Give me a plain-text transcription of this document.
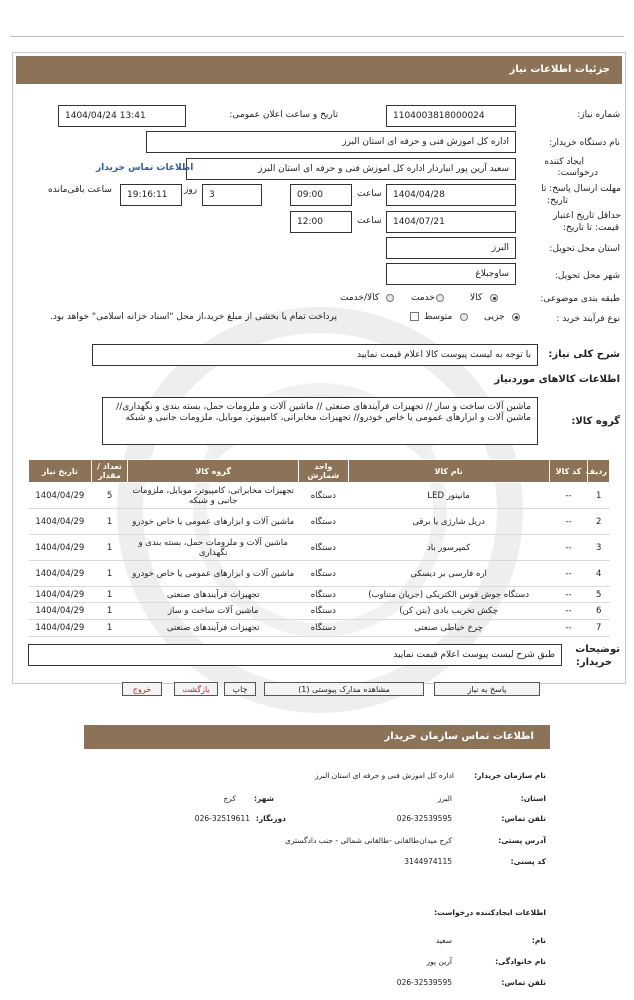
جزئیات اطلاعات نیاز
شماره نیاز:
1104003818000024
تاریخ و ساعت اعلان عمومی:
1404/04/24 13:41
نام دستگاه خریدار:
اداره کل اموزش فنی و حرفه ای استان البرز
ایجاد کننده
درخواست:
سعید آرین پور انباردار اداره کل اموزش فنی و حرفه ای استان البرز
اطلاعات تماس خریدار
مهلت ارسال پاسخ: تا
تاریخ:
1404/04/28
ساعت
09:00
3
روز
19:16:11
ساعت باقی‌مانده
حداقل تاریخ اعتبار
قیمت: تا تاریخ:
1404/07/21
ساعت
12:00
استان محل تحویل:
البرز
شهر محل تحویل:
ساوجبلاغ
طبقه بندی موضوعی:
کالا
خدمت
کالا/خدمت
نوع فرآیند خرید :
جزیی
متوسط
پرداخت تمام یا بخشی از مبلغ خرید،از محل "اسناد خزانه اسلامی" خواهد بود.
شرح کلی نیاز:
با توجه به لیست پیوست کالا اعلام قیمت نمایید
اطلاعات کالاهای موردنیاز
گروه کالا:
ماشین آلات ساخت و ساز // تجهیزات فرآیندهای صنعتی // ماشین آلات و ملزومات حمل، بسته بندی و نگهداری// ماشین آلات و ابزارهای عمومی یا خاص خودرو// تجهیزات مخابراتی، کامپیوتر، موبایل، ملزومات جانبی و شبکه
ردیف	کد کالا	نام کالا	واحد شمارش	گروه کالا	تعداد / مقدار	تاریخ نیاز
1	--	مانیتور LED	دستگاه	تجهیزات مخابراتی، کامپیوتر، موبایل، ملزومات جانبی و شبکه	5	1404/04/29
2	--	دریل شارژی یا برقی	دستگاه	ماشین آلات و ابزارهای عمومی یا خاص خودرو	1	1404/04/29
3	--	کمپرسور باد	دستگاه	ماشین آلات و ملزومات حمل، بسته بندی و نگهداری	1	1404/04/29
4	--	اره فارسی بر دیسکی	دستگاه	ماشین آلات و ابزارهای عمومی یا خاص خودرو	1	1404/04/29
5	--	دستگاه جوش قوس الکتریکی (جریان متناوب)	دستگاه	تجهیزات فرآیندهای صنعتی	1	1404/04/29
6	--	چکش تخریب بادی (بتن کن)	دستگاه	ماشین آلات ساخت و ساز	1	1404/04/29
7	--	چرخ خیاطی صنعتی	دستگاه	تجهیزات فرآیندهای صنعتی	1	1404/04/29
توضیحات
خریدار:
طبق شرح لیست پیوست اعلام قیمت نمایید
پاسخ به نیاز
مشاهده مدارک پیوستی (1)
چاپ
بازگشت
خروج
اطلاعات تماس سازمان خریدار
نام سازمان خریدار:
اداره کل اموزش فنی و حرفه ای استان البرز
استان:
البرز
شهر:
کرج
تلفن تماس:
026-32539595
دورنگار:
026-32519611
آدرس پستی:
کرج میدان‌طالقانی -طالقانی شمالی - جنب دادگستری
کد پستی:
3144974115
اطلاعات ایجادکننده درخواست:
نام:
سعید
نام خانوادگی:
آرین پور
تلفن تماس:
026-32539595
